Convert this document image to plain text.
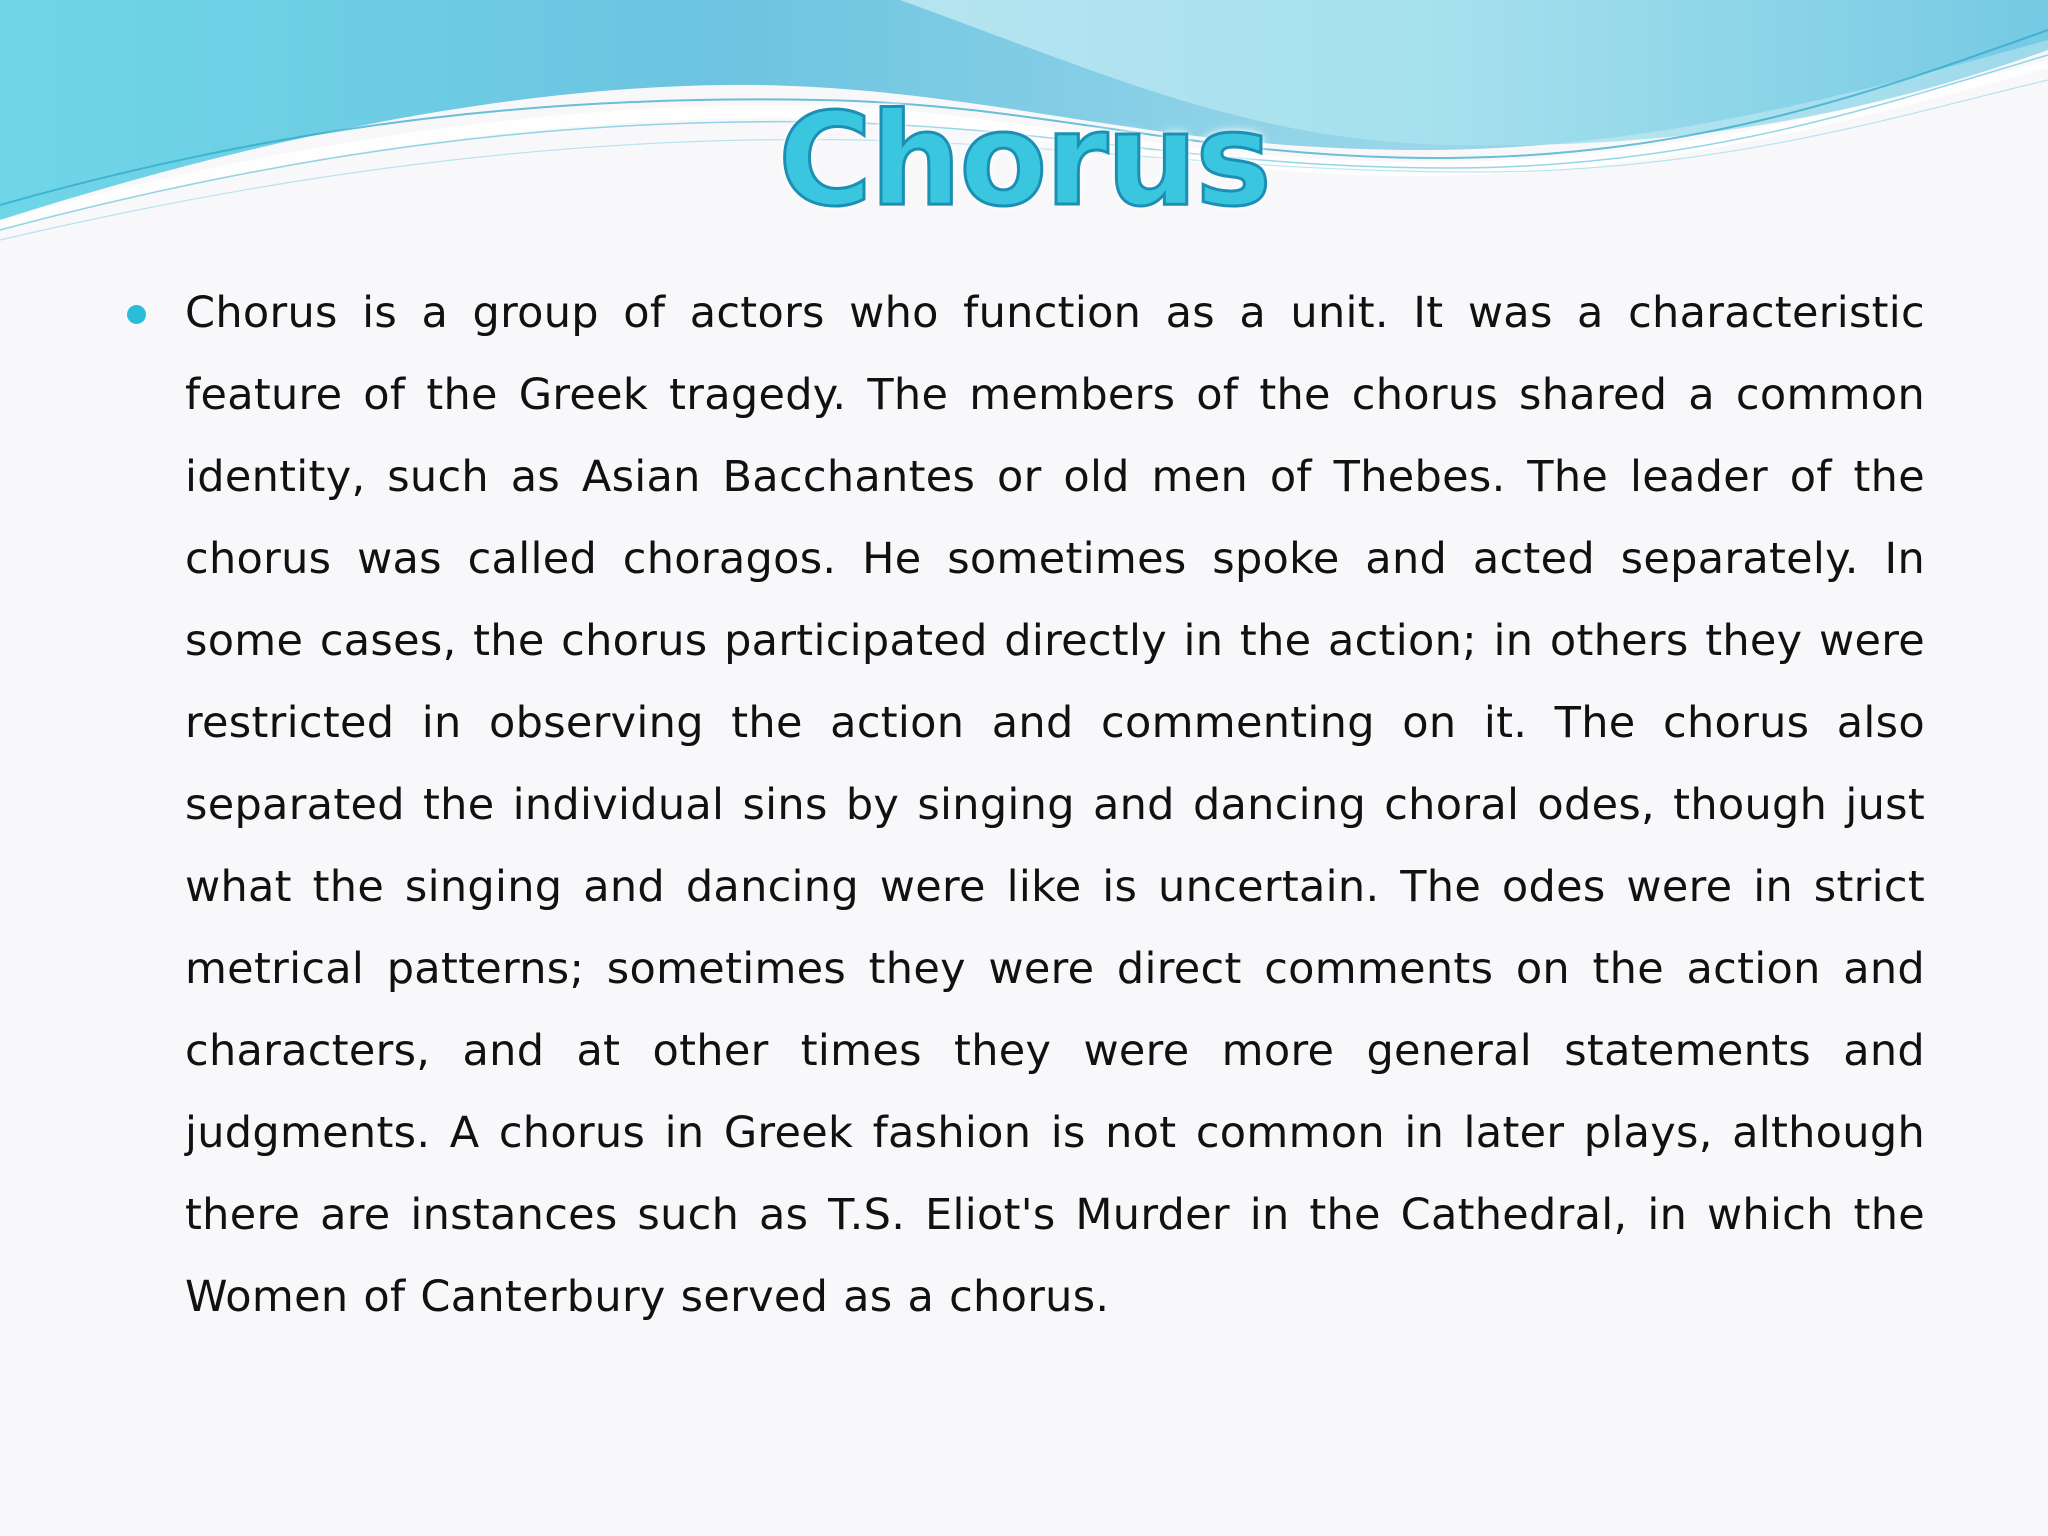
Chorus
Chorus is a group of actors who function as a unit. It was a characteristic feature of the Greek tragedy. The members of the chorus shared a common identity, such as Asian Bacchantes or old men of Thebes. The leader of the chorus was called choragos. He sometimes spoke and acted separately. In some cases, the chorus participated directly in the action; in others they were restricted in observing the action and commenting on it. The chorus also separated the individual sins by singing and dancing choral odes, though just what the singing and dancing were like is uncertain. The odes were in strict metrical patterns; sometimes they were direct comments on the action and characters, and at other times they were more general statements and judgments. A chorus in Greek fashion is not common in later plays, although there are instances such as T.S. Eliot's Murder in the Cathedral, in which the Women of Canterbury served as a chorus.
